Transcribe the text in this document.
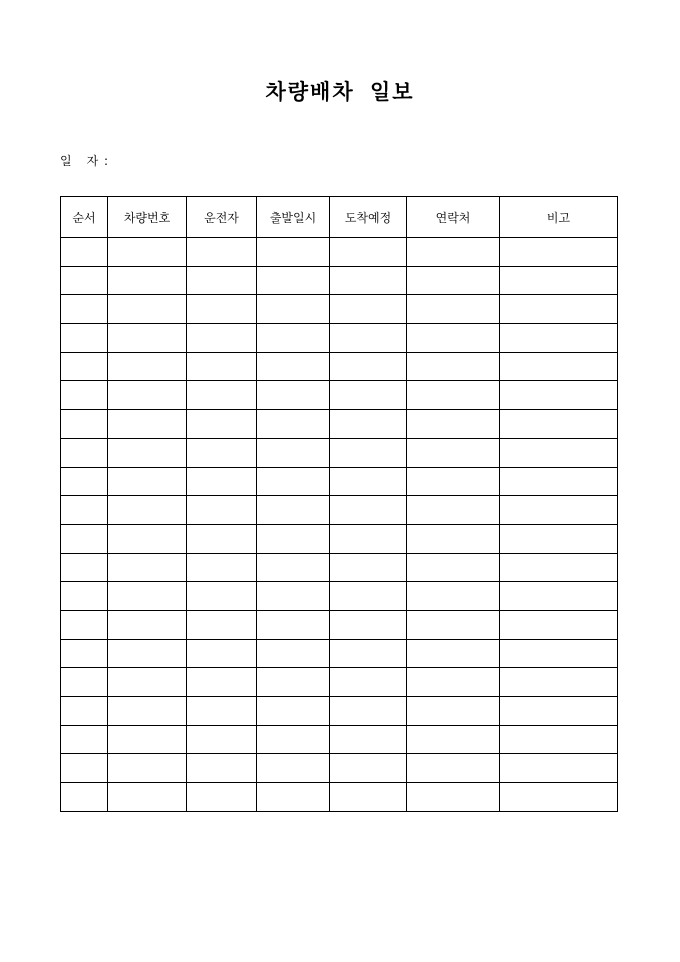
차량배차 일보
일 자 :
순서	차량번호	운전자	출발일시	도착예정	연락처	비고
